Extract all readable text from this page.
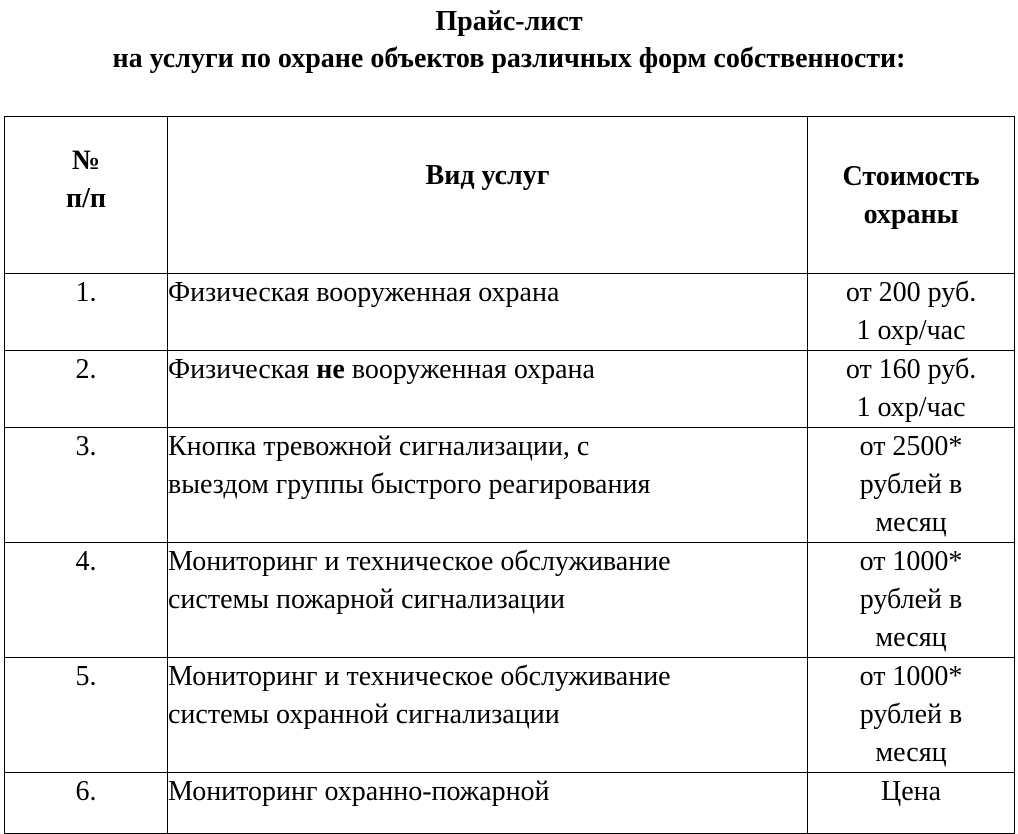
Прайс-лист
на услуги по охране объектов различных форм собственности:
№
п/п	Вид услуг	Стоимость
охраны

1.	Физическая вооруженная охрана	от 200 руб.
1 охр/час

2.	Физическая не вооруженная охрана	от 160 руб.
1 охр/час

3.	Кнопка тревожной сигнализации, с
выездом группы быстрого реагирования	от 2500*
рублей в
месяц

4.	Мониторинг и техническое обслуживание
системы пожарной сигнализации	от 1000*
рублей в
месяц

5.	Мониторинг и техническое обслуживание
системы охранной сигнализации	от 1000*
рублей в
месяц

6.	Мониторинг охранно-пожарной	Цена
